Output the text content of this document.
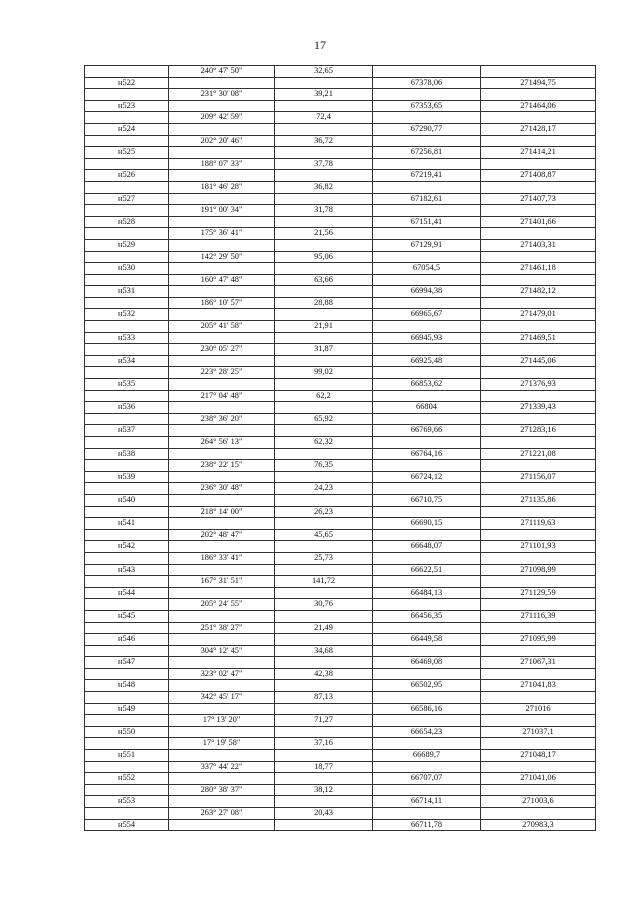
17
	240° 47' 50"	32,65		
н522			67378,06	271494,75
	231° 30' 08"	39,21		
н523			67353,65	271464,06
	209° 42' 59"	72,4		
н524			67290,77	271428,17
	202° 20' 46"	36,72		
н525			67256,81	271414,21
	188° 07' 33"	37,78		
н526			67219,41	271408,87
	181° 46' 28"	36,82		
н527			67182,61	271407,73
	191° 00' 34"	31,78		
н528			67151,41	271401,66
	175° 36' 41"	21,56		
н529			67129,91	271403,31
	142° 29' 50"	95,06		
н530			67054,5	271461,18
	160° 47' 48"	63,66		
н531			66994,38	271482,12
	186° 10' 57"	28,88		
н532			66965,67	271479,01
	205° 41' 58"	21,91		
н533			66945,93	271469,51
	230° 05' 27"	31,87		
н534			66925,48	271445,06
	223° 28' 25"	99,02		
н535			66853,62	271376,93
	217° 04' 48"	62,2		
н536			66804	271339,43
	238° 36' 20"	65,92		
н537			66769,66	271283,16
	264° 56' 13"	62,32		
н538			66764,16	271221,08
	238° 22' 15"	76,35		
н539			66724,12	271156,07
	236° 30' 48"	24,23		
н540			66710,75	271135,86
	218° 14' 00"	26,23		
н541			66690,15	271119,63
	202° 48' 47"	45,65		
н542			66648,07	271101,93
	186° 33' 41"	25,73		
н543			66622,51	271098,99
	167° 31' 51"	141,72		
н544			66484,13	271129,59
	205° 24' 55"	30,76		
н545			66456,35	271116,39
	251° 38' 27"	21,49		
н546			66449,58	271095,99
	304° 12' 45"	34,68		
н547			66469,08	271067,31
	323° 02' 47"	42,38		
н548			66502,95	271041,83
	342° 45' 17"	87,13		
н549			66586,16	271016
	17° 13' 20"	71,27		
н550			66654,23	271037,1
	17° 19' 58"	37,16		
н551			66689,7	271048,17
	337° 44' 22"	18,77		
н552			66707,07	271041,06
	280° 38' 37"	38,12		
н553			66714,11	271003,6
	263° 27' 08"	20,43		
н554			66711,78	270983,3
